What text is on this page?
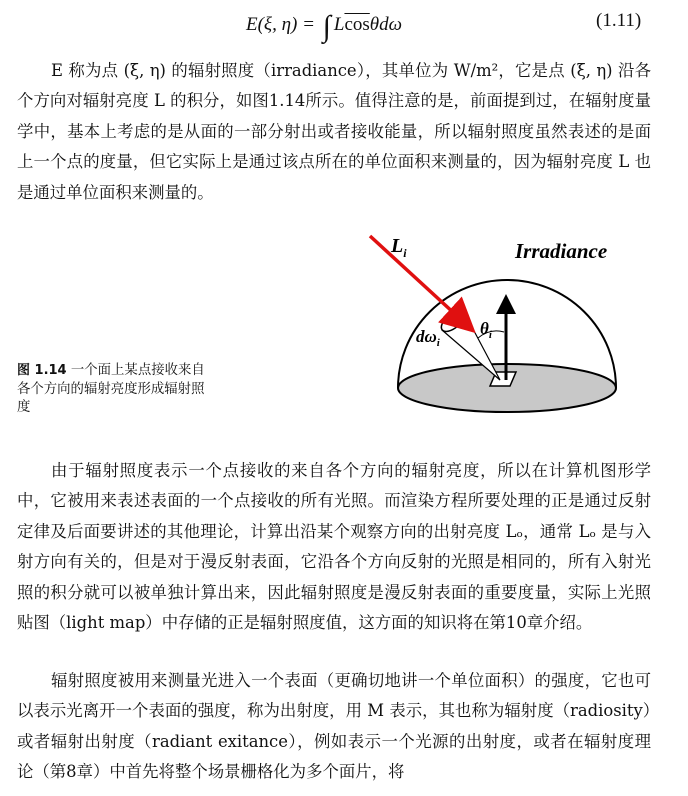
E(ξ, η) = ∫ $L\overline{cos}\theta d\omega$	(1.11)

E 称为点 (ξ, η) 的辐射照度（irradiance），其单位为 W/m²，它是点 (ξ, η) 沿各个方向对辐射亮度 L 的积分，如图1.14所示。值得注意的是，前面提到过，在辐射度量学中，基本上考虑的是从面的一部分射出或者接收能量，所以辐射照度虽然表述的是面上一个点的度量，但它实际上是通过该点所在的单位面积来测量的，因为辐射亮度 L 也是通过单位面积来测量的。

$L_i$	Irradiance
$d\omega_i$
$\theta_i$
图 1.14 一个面上某点接收来自各个方向的辐射亮度形成辐射照度

由于辐射照度表示一个点接收的来自各个方向的辐射亮度，所以在计算机图形学中，它被用来表述表面的一个点接收的所有光照。而渲染方程所要处理的正是通过反射定律及后面要讲述的其他理论，计算出沿某个观察方向的出射亮度 Lₒ，通常 Lₒ 是与入射方向有关的，但是对于漫反射表面，它沿各个方向反射的光照是相同的，所有入射光照的积分就可以被单独计算出来，因此辐射照度是漫反射表面的重要度量，实际上光照贴图（light map）中存储的正是辐射照度值，这方面的知识将在第10章介绍。

辐射照度被用来测量光进入一个表面（更确切地讲一个单位面积）的强度，它也可以表示光离开一个表面的强度，称为出射度，用 M 表示，其也称为辐射度（radiosity）或者辐射出射度（radiant exitance），例如表示一个光源的出射度，或者在辐射度理论（第8章）中首先将整个场景栅格化为多个面片，将
